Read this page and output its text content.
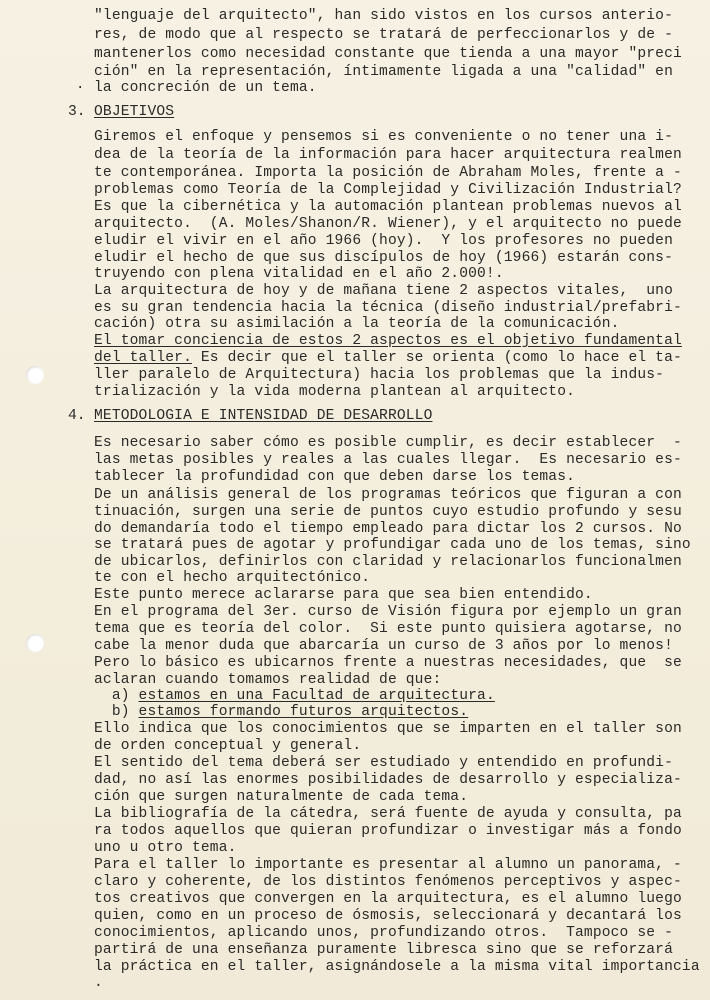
"lenguaje del arquitecto", han sido vistos en los cursos anterio-
res, de modo que al respecto se tratará de perfeccionarlos y de -
mantenerlos como necesidad constante que tienda a una mayor "preci
ción" en la representación, íntimamente ligada a una "calidad" en
. la concreción de un tema.
3. OBJETIVOS
Giremos el enfoque y pensemos si es conveniente o no tener una i-
dea de la teoría de la información para hacer arquitectura realmen
te contemporánea. Importa la posición de Abraham Moles, frente a -
problemas como Teoría de la Complejidad y Civilización Industrial?
Es que la cibernética y la automación plantean problemas nuevos al
arquitecto.  (A. Moles/Shanon/R. Wiener), y el arquitecto no puede
eludir el vivir en el año 1966 (hoy).  Y los profesores no pueden
eludir el hecho de que sus discípulos de hoy (1966) estarán cons-
truyendo con plena vitalidad en el año 2.000!.
La arquitectura de hoy y de mañana tiene 2 aspectos vitales,  uno
es su gran tendencia hacia la técnica (diseño industrial/prefabri-
cación) otra su asimilación a la teoría de la comunicación.
El tomar conciencia de estos 2 aspectos es el objetivo fundamental
del taller. Es decir que el taller se orienta (como lo hace el ta-
ller paralelo de Arquitectura) hacia los problemas que la indus-
trialización y la vida moderna plantean al arquitecto.
4. METODOLOGIA E INTENSIDAD DE DESARROLLO
Es necesario saber cómo es posible cumplir, es decir establecer  -
las metas posibles y reales a las cuales llegar.  Es necesario es-
tablecer la profundidad con que deben darse los temas.
De un análisis general de los programas teóricos que figuran a con
tinuación, surgen una serie de puntos cuyo estudio profundo y sesu
do demandaría todo el tiempo empleado para dictar los 2 cursos. No
se tratará pues de agotar y profundigar cada uno de los temas, sino
de ubicarlos, definirlos con claridad y relacionarlos funcionalmen
te con el hecho arquitectónico.
Este punto merece aclararse para que sea bien entendido.
En el programa del 3er. curso de Visión figura por ejemplo un gran
tema que es teoría del color.  Si este punto quisiera agotarse, no
cabe la menor duda que abarcaría un curso de 3 años por lo menos!
Pero lo básico es ubicarnos frente a nuestras necesidades, que  se
aclaran cuando tomamos realidad de que:
a) estamos en una Facultad de arquitectura.
b) estamos formando futuros arquitectos.
Ello indica que los conocimientos que se imparten en el taller son
de orden conceptual y general.
El sentido del tema deberá ser estudiado y entendido en profundi-
dad, no así las enormes posibilidades de desarrollo y especializa-
ción que surgen naturalmente de cada tema.
La bibliografía de la cátedra, será fuente de ayuda y consulta, pa
ra todos aquellos que quieran profundizar o investigar más a fondo
uno u otro tema.
Para el taller lo importante es presentar al alumno un panorama, -
claro y coherente, de los distintos fenómenos perceptivos y aspec-
tos creativos que convergen en la arquitectura, es el alumno luego
quien, como en un proceso de ósmosis, seleccionará y decantará los
conocimientos, aplicando unos, profundizando otros.  Tampoco se -
partirá de una enseñanza puramente libresca sino que se reforzará
la práctica en el taller, asignándosele a la misma vital importancia
.
